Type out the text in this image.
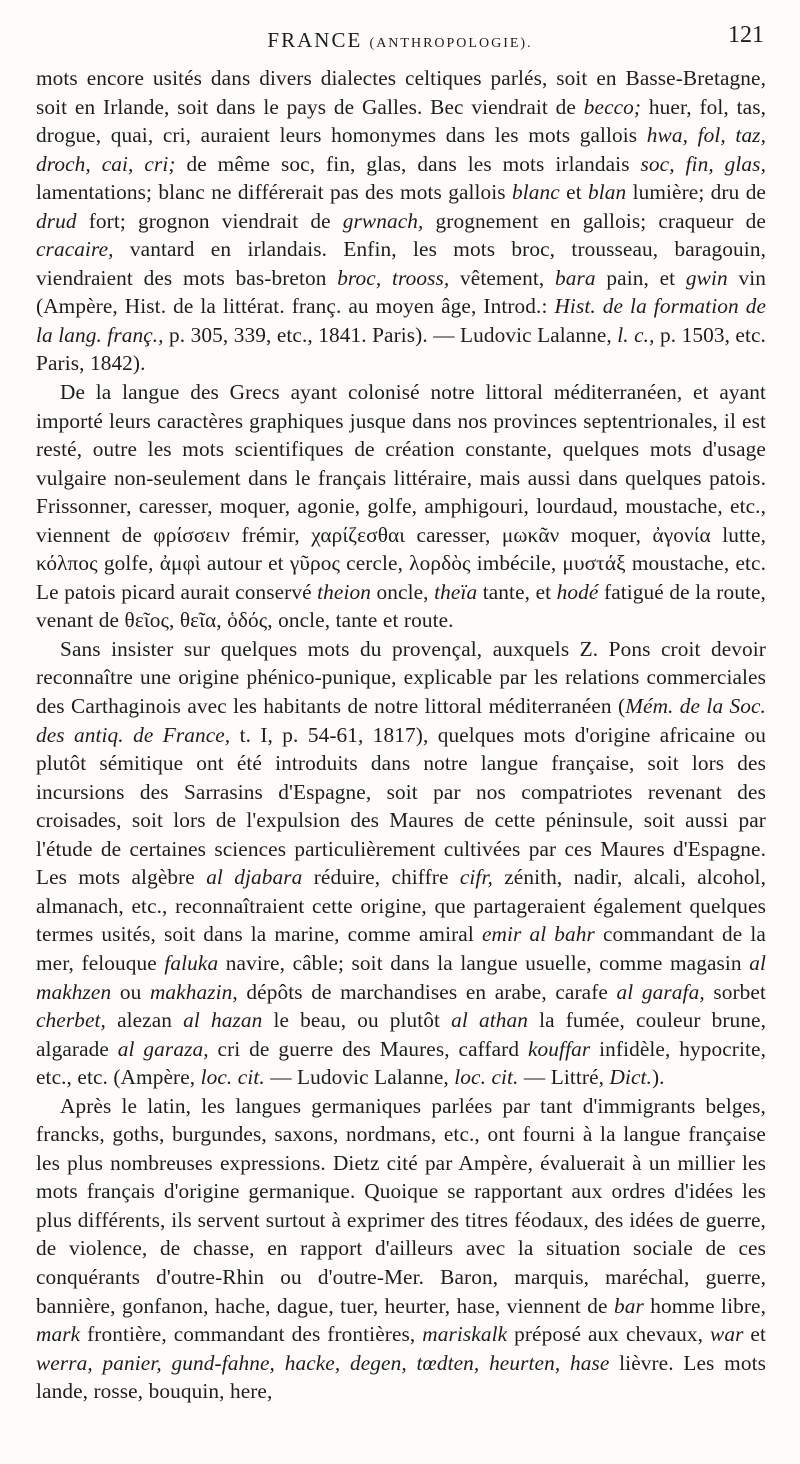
FRANCE (ANTHROPOLOGIE).	121

mots encore usités dans divers dialectes celtiques parlés, soit en Basse-Bretagne, soit en Irlande, soit dans le pays de Galles. Bec viendrait de becco; huer, fol, tas, drogue, quai, cri, auraient leurs homonymes dans les mots gallois hwa, fol, taz, droch, cai, cri; de même soc, fin, glas, dans les mots irlandais soc, fin, glas, lamentations; blanc ne différerait pas des mots gallois blanc et blan lumière; dru de drud fort; grognon viendrait de grwnach, grognement en gallois; craqueur de cracaire, vantard en irlandais. Enfin, les mots broc, trousseau, baragouin, viendraient des mots bas-breton broc, trooss, vêtement, bara pain, et gwin vin (Ampère, Hist. de la littérat. franç. au moyen âge, Introd.: Hist. de la formation de la lang. franç., p. 305, 339, etc., 1841. Paris). — Ludovic Lalanne, l. c., p. 1503, etc. Paris, 1842).

De la langue des Grecs ayant colonisé notre littoral méditerranéen, et ayant importé leurs caractères graphiques jusque dans nos provinces septentrionales, il est resté, outre les mots scientifiques de création constante, quelques mots d'usage vulgaire non-seulement dans le français littéraire, mais aussi dans quelques patois. Frissonner, caresser, moquer, agonie, golfe, amphigouri, lourdaud, moustache, etc., viennent de φρίσσειν frémir, χαρίζεσθαι caresser, μωκᾶν moquer, ἀγονία lutte, κόλπος golfe, ἀμφὶ autour et γῦρος cercle, λορδὸς imbécile, μυστάξ moustache, etc. Le patois picard aurait conservé theion oncle, theïa tante, et hodé fatigué de la route, venant de θεῖος, θεῖα, ὁδός, oncle, tante et route.

Sans insister sur quelques mots du provençal, auxquels Z. Pons croit devoir reconnaître une origine phénico-punique, explicable par les relations commerciales des Carthaginois avec les habitants de notre littoral méditerranéen (Mém. de la Soc. des antiq. de France, t. I, p. 54-61, 1817), quelques mots d'origine africaine ou plutôt sémitique ont été introduits dans notre langue française, soit lors des incursions des Sarrasins d'Espagne, soit par nos compatriotes revenant des croisades, soit lors de l'expulsion des Maures de cette péninsule, soit aussi par l'étude de certaines sciences particulièrement cultivées par ces Maures d'Espagne. Les mots algèbre al djabara réduire, chiffre cifr, zénith, nadir, alcali, alcohol, almanach, etc., reconnaîtraient cette origine, que partageraient également quelques termes usités, soit dans la marine, comme amiral emir al bahr commandant de la mer, felouque faluka navire, câble; soit dans la langue usuelle, comme magasin al makhzen ou makhazin, dépôts de marchandises en arabe, carafe al garafa, sorbet cherbet, alezan al hazan le beau, ou plutôt al athan la fumée, couleur brune, algarade al garaza, cri de guerre des Maures, caffard kouffar infidèle, hypocrite, etc., etc. (Ampère, loc. cit. — Ludovic Lalanne, loc. cit. — Littré, Dict.).

Après le latin, les langues germaniques parlées par tant d'immigrants belges, francks, goths, burgundes, saxons, nordmans, etc., ont fourni à la langue française les plus nombreuses expressions. Dietz cité par Ampère, évaluerait à un millier les mots français d'origine germanique. Quoique se rapportant aux ordres d'idées les plus différents, ils servent surtout à exprimer des titres féodaux, des idées de guerre, de violence, de chasse, en rapport d'ailleurs avec la situation sociale de ces conquérants d'outre-Rhin ou d'outre-Mer. Baron, marquis, maréchal, guerre, bannière, gonfanon, hache, dague, tuer, heurter, hase, viennent de bar homme libre, mark frontière, commandant des frontières, mariskalk préposé aux chevaux, war et werra, panier, gund-fahne, hacke, degen, tœdten, heurten, hase lièvre. Les mots lande, rosse, bouquin, here,
